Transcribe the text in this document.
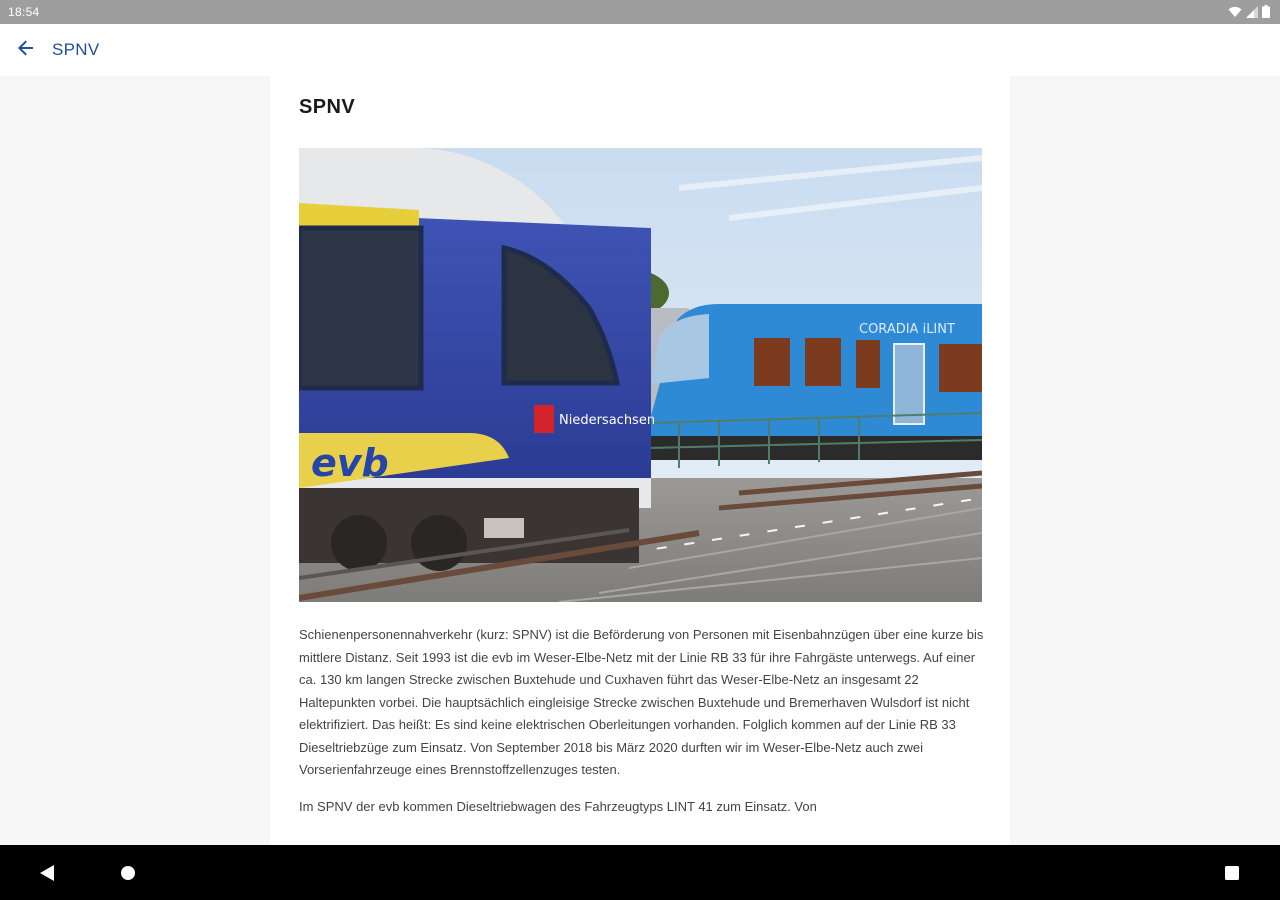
18:54
SPNV
SPNV
CORADIA iLINT
evb
Niedersachsen

Schienenpersonennahverkehr (kurz: SPNV) ist die Beförderung von Personen mit Eisenbahnzügen über eine kurze bis mittlere Distanz. Seit 1993 ist die evb im Weser-Elbe-Netz mit der Linie RB 33 für ihre Fahrgäste unterwegs. Auf einer ca. 130 km langen Strecke zwischen Buxtehude und Cuxhaven führt das Weser-Elbe-Netz an insgesamt 22 Haltepunkten vorbei. Die hauptsächlich eingleisige Strecke zwischen Buxtehude und Bremerhaven Wulsdorf ist nicht elektrifiziert. Das heißt: Es sind keine elektrischen Oberleitungen vorhanden. Folglich kommen auf der Linie RB 33 Dieseltriebzüge zum Einsatz. Von September 2018 bis März 2020 durften wir im Weser-Elbe-Netz auch zwei Vorserienfahrzeuge eines Brennstoffzellenzuges testen.

Im SPNV der evb kommen Dieseltriebwagen des Fahrzeugtyps LINT 41 zum Einsatz. Von
